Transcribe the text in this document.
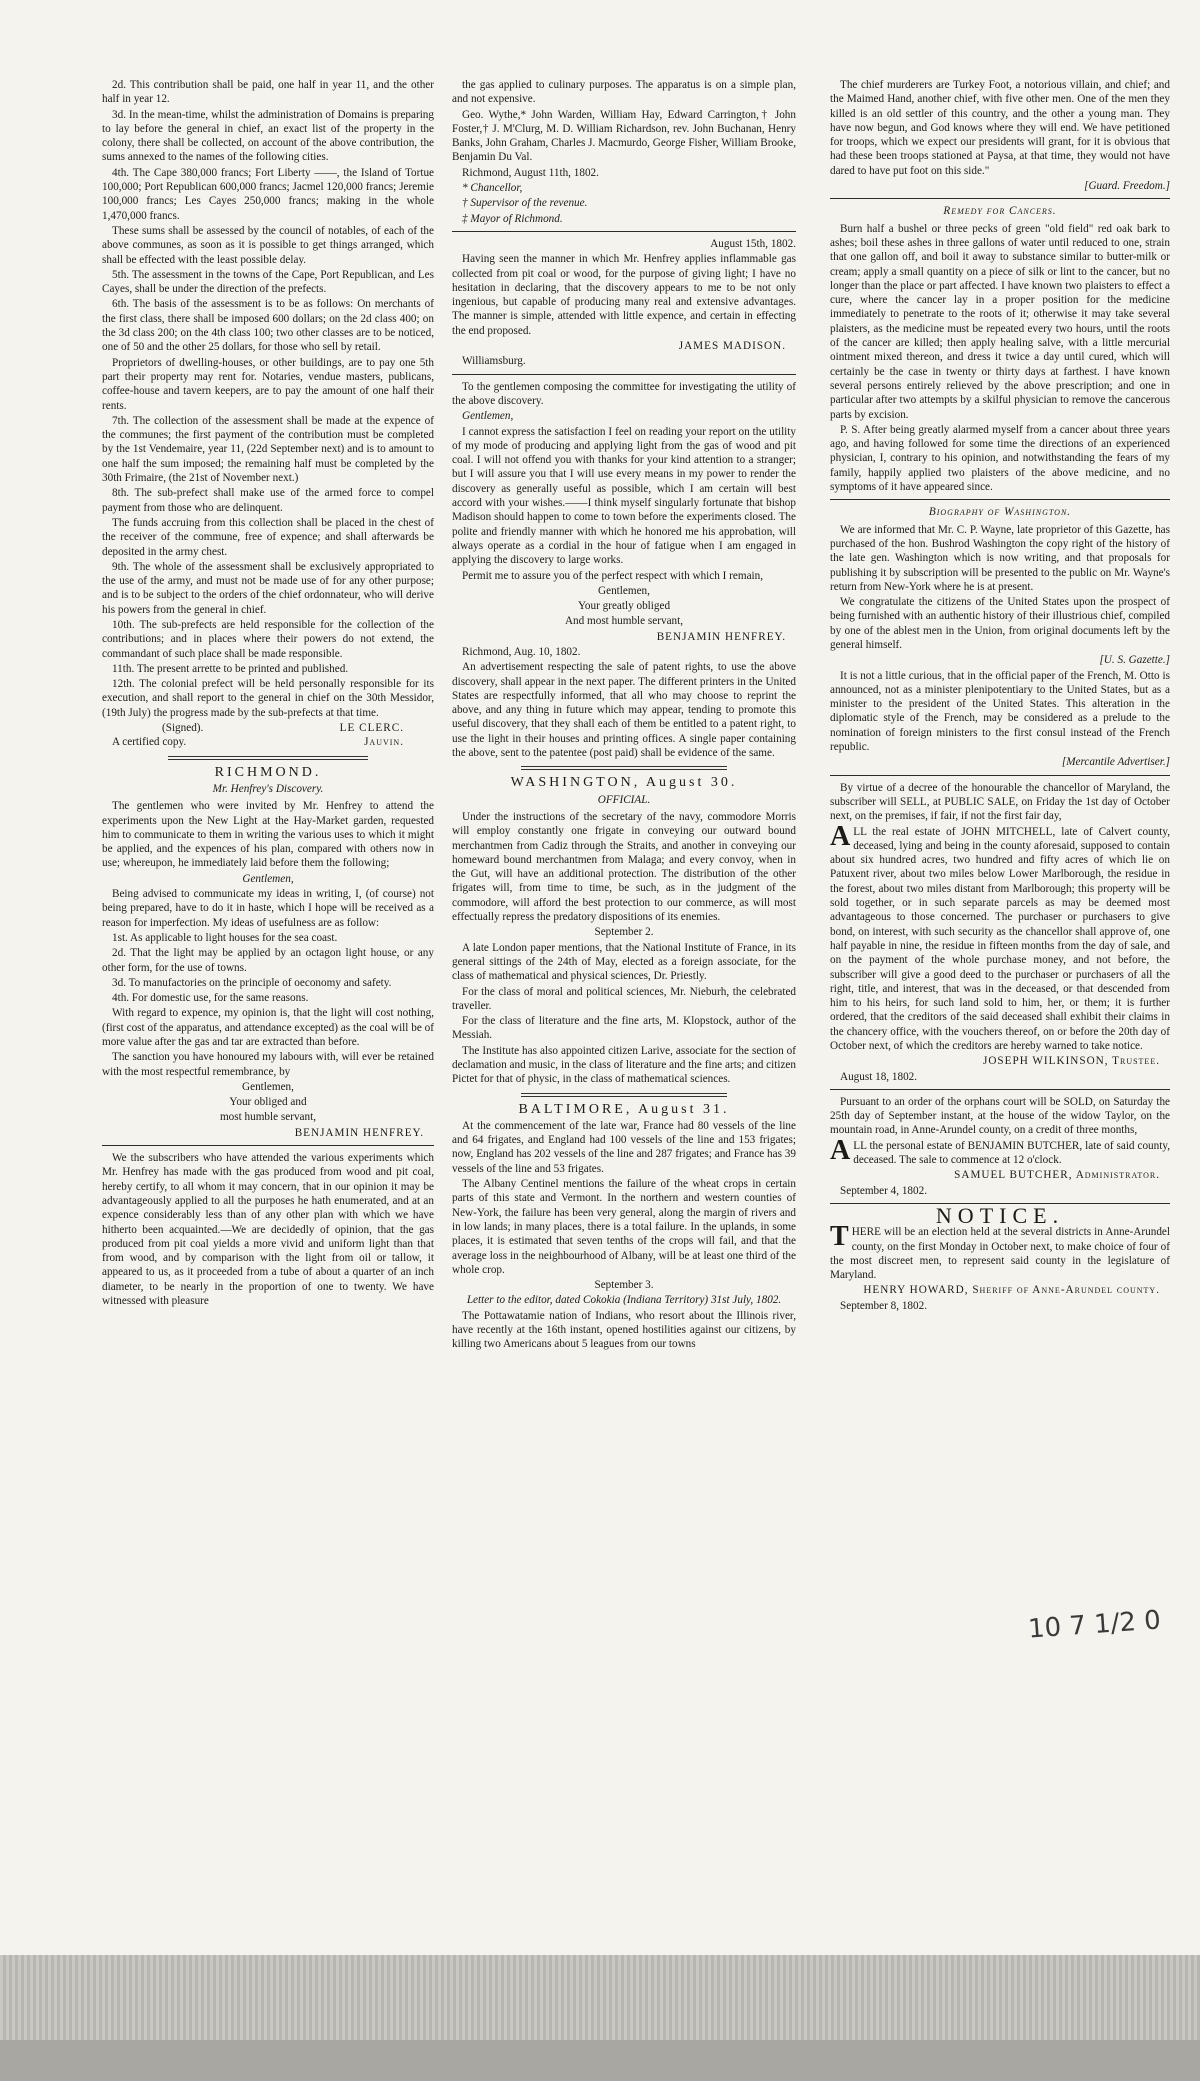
2d. This contribution shall be paid, one half in year 11, and the other half in year 12.

3d. In the mean-time, whilst the administration of Domains is preparing to lay before the general in chief, an exact list of the property in the colony, there shall be collected, on account of the above contribution, the sums annexed to the names of the following cities.

4th. The Cape 380,000 francs; Fort Liberty ——, the Island of Tortue 100,000; Port Republican 600,000 francs; Jacmel 120,000 francs; Jeremie 100,000 francs; Les Cayes 250,000 francs; making in the whole 1,470,000 francs.

These sums shall be assessed by the council of notables, of each of the above communes, as soon as it is possible to get things arranged, which shall be effected with the least possible delay.

5th. The assessment in the towns of the Cape, Port Republican, and Les Cayes, shall be under the direction of the prefects.

6th. The basis of the assessment is to be as follows: On merchants of the first class, there shall be imposed 600 dollars; on the 2d class 400; on the 3d class 200; on the 4th class 100; two other classes are to be noticed, one of 50 and the other 25 dollars, for those who sell by retail.

Proprietors of dwelling-houses, or other buildings, are to pay one 5th part their property may rent for. Notaries, vendue masters, publicans, coffee-house and tavern keepers, are to pay the amount of one half their rents.

7th. The collection of the assessment shall be made at the expence of the communes; the first payment of the contribution must be completed by the 1st Vendemaire, year 11, (22d September next) and is to amount to one half the sum imposed; the remaining half must be completed by the 30th Frimaire, (the 21st of November next.)

8th. The sub-prefect shall make use of the armed force to compel payment from those who are delinquent.

The funds accruing from this collection shall be placed in the chest of the receiver of the commune, free of expence; and shall afterwards be deposited in the army chest.

9th. The whole of the assessment shall be exclusively appropriated to the use of the army, and must not be made use of for any other purpose; and is to be subject to the orders of the chief ordonnateur, who will derive his powers from the general in chief.

10th. The sub-prefects are held responsible for the collection of the contributions; and in places where their powers do not extend, the commandant of such place shall be made responsible.

11th. The present arrette to be printed and published.

12th. The colonial prefect will be held personally responsible for its execution, and shall report to the general in chief on the 30th Messidor, (19th July) the progress made by the sub-prefects at that time.

(Signed).	LE CLERC.
A certified copy.	Jauvin.
RICHMOND.
Mr. Henfrey's Discovery.

The gentlemen who were invited by Mr. Henfrey to attend the experiments upon the New Light at the Hay-Market garden, requested him to communicate to them in writing the various uses to which it might be applied, and the expences of his plan, compared with others now in use; whereupon, he immediately laid before them the following;

Gentlemen,

Being advised to communicate my ideas in writing, I, (of course) not being prepared, have to do it in haste, which I hope will be received as a reason for imperfection. My ideas of usefulness are as follow:

1st. As applicable to light houses for the sea coast.

2d. That the light may be applied by an octagon light house, or any other form, for the use of towns.

3d. To manufactories on the principle of oeconomy and safety.

4th. For domestic use, for the same reasons.

With regard to expence, my opinion is, that the light will cost nothing, (first cost of the apparatus, and attendance excepted) as the coal will be of more value after the gas and tar are extracted than before.

The sanction you have honoured my labours with, will ever be retained with the most respectful remembrance, by

Gentlemen,

Your obliged and

most humble servant,

BENJAMIN HENFREY.

We the subscribers who have attended the various experiments which Mr. Henfrey has made with the gas produced from wood and pit coal, hereby certify, to all whom it may concern, that in our opinion it may be advantageously applied to all the purposes he hath enumerated, and at an expence considerably less than of any other plan with which we have hitherto been acquainted.—We are decidedly of opinion, that the gas produced from pit coal yields a more vivid and uniform light than that from wood, and by comparison with the light from oil or tallow, it appeared to us, as it proceeded from a tube of about a quarter of an inch diameter, to be nearly in the proportion of one to twenty. We have witnessed with pleasure

the gas applied to culinary purposes. The apparatus is on a simple plan, and not expensive.

Geo. Wythe,* John Warden, William Hay, Edward Carrington,† John Foster,† J. M'Clurg, M. D. William Richardson, rev. John Buchanan, Henry Banks, John Graham, Charles J. Macmurdo, George Fisher, William Brooke, Benjamin Du Val.

Richmond, August 11th, 1802.

* Chancellor,

† Supervisor of the revenue.

‡ Mayor of Richmond.

August 15th, 1802.

Having seen the manner in which Mr. Henfrey applies inflammable gas collected from pit coal or wood, for the purpose of giving light; I have no hesitation in declaring, that the discovery appears to me to be not only ingenious, but capable of producing many real and extensive advantages. The manner is simple, attended with little expence, and certain in effecting the end proposed.

JAMES MADISON.

Williamsburg.

To the gentlemen composing the committee for investigating the utility of the above discovery.

Gentlemen,

I cannot express the satisfaction I feel on reading your report on the utility of my mode of producing and applying light from the gas of wood and pit coal. I will not offend you with thanks for your kind attention to a stranger; but I will assure you that I will use every means in my power to render the discovery as generally useful as possible, which I am certain will best accord with your wishes.——I think myself singularly fortunate that bishop Madison should happen to come to town before the experiments closed. The polite and friendly manner with which he honored me his approbation, will always operate as a cordial in the hour of fatigue when I am engaged in applying the discovery to large works.

Permit me to assure you of the perfect respect with which I remain,

Gentlemen,

Your greatly obliged

And most humble servant,

BENJAMIN HENFREY.

Richmond, Aug. 10, 1802.

An advertisement respecting the sale of patent rights, to use the above discovery, shall appear in the next paper. The different printers in the United States are respectfully informed, that all who may choose to reprint the above, and any thing in future which may appear, tending to promote this useful discovery, that they shall each of them be entitled to a patent right, to use the light in their houses and printing offices. A single paper containing the above, sent to the patentee (post paid) shall be evidence of the same.

WASHINGTON, August 30.
OFFICIAL.

Under the instructions of the secretary of the navy, commodore Morris will employ constantly one frigate in conveying our outward bound merchantmen from Cadiz through the Straits, and another in conveying our homeward bound merchantmen from Malaga; and every convoy, when in the Gut, will have an additional protection. The distribution of the other frigates will, from time to time, be such, as in the judgment of the commodore, will afford the best protection to our commerce, as will most effectually repress the predatory dispositions of its enemies.

September 2.

A late London paper mentions, that the National Institute of France, in its general sittings of the 24th of May, elected as a foreign associate, for the class of mathematical and physical sciences, Dr. Priestly.

For the class of moral and political sciences, Mr. Nieburh, the celebrated traveller.

For the class of literature and the fine arts, M. Klopstock, author of the Messiah.

The Institute has also appointed citizen Larive, associate for the section of declamation and music, in the class of literature and the fine arts; and citizen Pictet for that of physic, in the class of mathematical sciences.

BALTIMORE, August 31.

At the commencement of the late war, France had 80 vessels of the line and 64 frigates, and England had 100 vessels of the line and 153 frigates; now, England has 202 vessels of the line and 287 frigates; and France has 39 vessels of the line and 53 frigates.

The Albany Centinel mentions the failure of the wheat crops in certain parts of this state and Vermont. In the northern and western counties of New-York, the failure has been very general, along the margin of rivers and in low lands; in many places, there is a total failure. In the uplands, in some places, it is estimated that seven tenths of the crops will fail, and that the average loss in the neighbourhood of Albany, will be at least one third of the whole crop.

September 3.

Letter to the editor, dated Cokokia (Indiana Territory) 31st July, 1802.

The Pottawatamie nation of Indians, who resort about the Illinois river, have recently at the 16th instant, opened hostilities against our citizens, by killing two Americans about 5 leagues from our towns

The chief murderers are Turkey Foot, a notorious villain, and chief; and the Maimed Hand, another chief, with five other men. One of the men they killed is an old settler of this country, and the other a young man. They have now begun, and God knows where they will end. We have petitioned for troops, which we expect our presidents will grant, for it is obvious that had these been troops stationed at Paysa, at that time, they would not have dared to have put foot on this side."

[Guard. Freedom.]

Remedy for Cancers.

Burn half a bushel or three pecks of green "old field" red oak bark to ashes; boil these ashes in three gallons of water until reduced to one, strain that one gallon off, and boil it away to substance similar to butter-milk or cream; apply a small quantity on a piece of silk or lint to the cancer, but no longer than the place or part affected. I have known two plaisters to effect a cure, where the cancer lay in a proper position for the medicine immediately to penetrate to the roots of it; otherwise it may take several plaisters, as the medicine must be repeated every two hours, until the roots of the cancer are killed; then apply healing salve, with a little mercurial ointment mixed thereon, and dress it twice a day until cured, which will certainly be the case in twenty or thirty days at farthest. I have known several persons entirely relieved by the above prescription; and one in particular after two attempts by a skilful physician to remove the cancerous parts by excision.

P. S. After being greatly alarmed myself from a cancer about three years ago, and having followed for some time the directions of an experienced physician, I, contrary to his opinion, and notwithstanding the fears of my family, happily applied two plaisters of the above medicine, and no symptoms of it have appeared since.

Biography of Washington.

We are informed that Mr. C. P. Wayne, late proprietor of this Gazette, has purchased of the hon. Bushrod Washington the copy right of the history of the late gen. Washington which is now writing, and that proposals for publishing it by subscription will be presented to the public on Mr. Wayne's return from New-York where he is at present.

We congratulate the citizens of the United States upon the prospect of being furnished with an authentic history of their illustrious chief, compiled by one of the ablest men in the Union, from original documents left by the general himself.

[U. S. Gazette.]

It is not a little curious, that in the official paper of the French, M. Otto is announced, not as a minister plenipotentiary to the United States, but as a minister to the president of the United States. This alteration in the diplomatic style of the French, may be considered as a prelude to the nomination of foreign ministers to the first consul instead of the French republic.

[Mercantile Advertiser.]

By virtue of a decree of the honourable the chancellor of Maryland, the subscriber will SELL, at PUBLIC SALE, on Friday the 1st day of October next, on the premises, if fair, if not the first fair day,

ALL the real estate of JOHN MITCHELL, late of Calvert county, deceased, lying and being in the county aforesaid, supposed to contain about six hundred acres, two hundred and fifty acres of which lie on Patuxent river, about two miles below Lower Marlborough, the residue in the forest, about two miles distant from Marlborough; this property will be sold together, or in such separate parcels as may be deemed most advantageous to those concerned. The purchaser or purchasers to give bond, on interest, with such security as the chancellor shall approve of, one half payable in nine, the residue in fifteen months from the day of sale, and on the payment of the whole purchase money, and not before, the subscriber will give a good deed to the purchaser or purchasers of all the right, title, and interest, that was in the deceased, or that descended from him to his heirs, for such land sold to him, her, or them; it is further ordered, that the creditors of the said deceased shall exhibit their claims in the chancery office, with the vouchers thereof, on or before the 20th day of October next, of which the creditors are hereby warned to take notice.

JOSEPH WILKINSON, Trustee.

August 18, 1802.

Pursuant to an order of the orphans court will be SOLD, on Saturday the 25th day of September instant, at the house of the widow Taylor, on the mountain road, in Anne-Arundel county, on a credit of three months,

ALL the personal estate of BENJAMIN BUTCHER, late of said county, deceased. The sale to commence at 12 o'clock.

SAMUEL BUTCHER, Administrator.

September 4, 1802.

NOTICE.

THERE will be an election held at the several districts in Anne-Arundel county, on the first Monday in October next, to make choice of four of the most discreet men, to represent said county in the legislature of Maryland.

HENRY HOWARD, Sheriff of Anne-Arundel county.

September 8, 1802.

10 7 1/2 0
